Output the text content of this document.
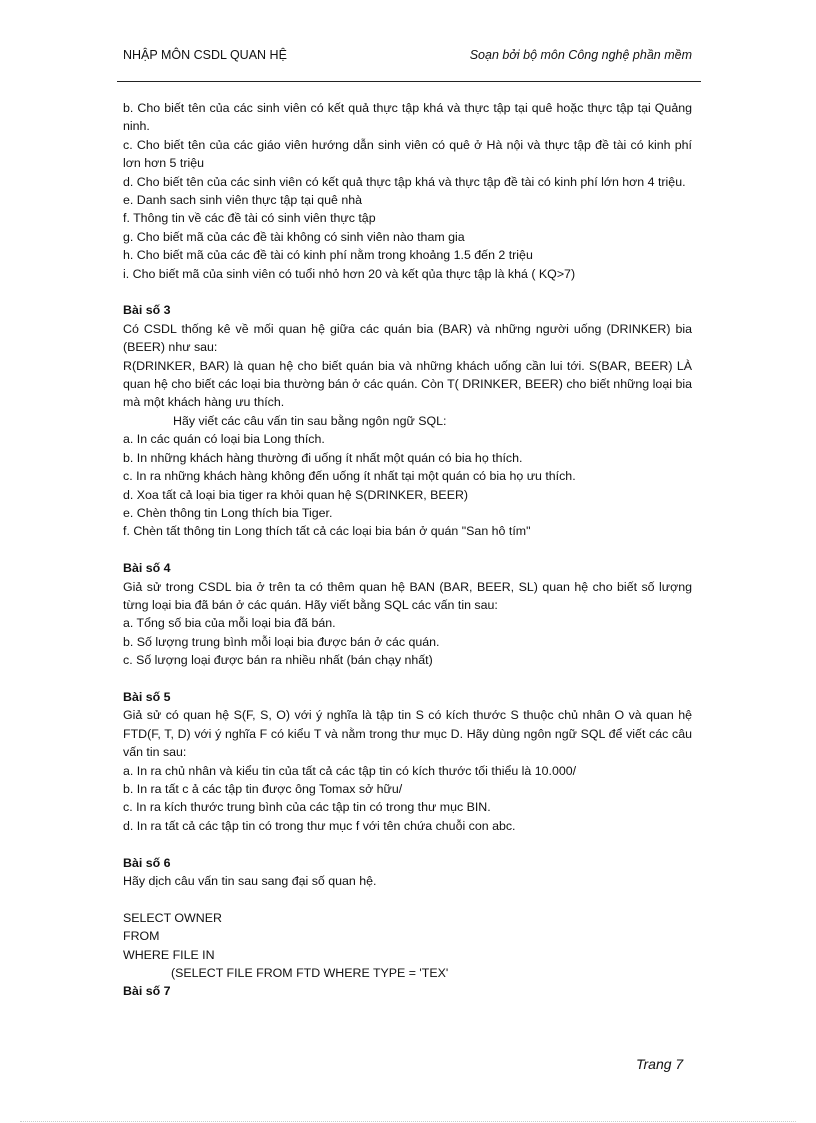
NHẬP MÔN CSDL QUAN HỆ	Soạn bởi bộ môn Công nghệ phần mềm

b. Cho biết tên của các sinh viên có kết quả thực tập khá và thực tập tại quê hoặc thực tập tại Quảng ninh.

c. Cho biết tên của các giáo viên hướng dẫn sinh viên có quê ở Hà nội và thực tập đề tài có kinh phí lơn hơn 5 triệu

d. Cho biết tên của các sinh viên có kết quả thực tập khá và thực tập đề tài có kinh phí lớn hơn 4 triệu.

e. Danh sach sinh viên thực tập tại quê nhà

f. Thông tin về các đề tài có sinh viên thực tập

g. Cho biết mã của các đề tài không có sinh viên nào tham gia

h. Cho biết mã của các đề tài có kinh phí nằm trong khoảng 1.5 đến 2 triệu

i. Cho biết mã của sinh viên có tuổi nhỏ hơn 20 và kết qủa thực tập là khá ( KQ>7)

Bài số 3

Có CSDL thống kê về mối quan hệ giữa các quán bia (BAR) và những người uống (DRINKER) bia (BEER) như sau:

R(DRINKER, BAR) là quan hệ cho biết quán bia và những khách uống cần lui tới. S(BAR, BEER) LÀ quan hệ cho biết các loại bia thường bán ở các quán. Còn T( DRINKER, BEER) cho biết những loại bia mà một khách hàng ưu thích.

Hãy viết các câu vấn tin sau bằng ngôn ngữ SQL:

a. In các quán có loại bia Long thích.

b. In những khách hàng thường đi uống ít nhất một quán có bia họ thích.

c. In ra những khách hàng không đến uống ít nhất tại một quán có bia họ ưu thích.

d. Xoa tất cả loại bia tiger ra khỏi quan hệ S(DRINKER, BEER)

e. Chèn thông tin Long thích bia Tiger.

f. Chèn tất thông tin Long thích tất cả các loại bia bán ở quán "San hô tím"

Bài số 4

Giả sử trong CSDL bia ở trên ta có thêm quan hệ BAN (BAR, BEER, SL) quan hệ cho biết số lượng từng loại bia đã bán ở các quán. Hãy viết bằng SQL các vấn tin sau:

a. Tổng số bia của mỗi loại bia đã bán.

b. Số lượng trung bình mỗi loại bia được bán ở các quán.

c. Số lượng loại được bán ra nhiều nhất (bán chạy nhất)

Bài số 5

Giả sử có quan hệ S(F, S, O) với ý nghĩa là tập tin S có kích thước S thuộc chủ nhân O và quan hệ FTD(F, T, D) với ý nghĩa F có kiểu T và nằm trong thư mục D. Hãy dùng ngôn ngữ SQL để viết các câu vấn tin sau:

a. In ra chủ nhân và kiểu tin của tất cả các tập tin có kích thước tối thiểu là 10.000/

b. In ra tất c ả các tập tin được ông Tomax sở hữu/

c. In ra kích thước trung bình của các tập tin có trong thư mục BIN.

d. In ra tất cả các tập tin có trong thư mục f với tên chứa chuỗi con abc.

Bài số 6

Hãy dịch câu vấn tin sau sang đại số quan hệ.

SELECT OWNER

FROM

WHERE FILE IN

(SELECT FILE FROM FTD WHERE TYPE = 'TEX'

Bài số 7

Trang 7
